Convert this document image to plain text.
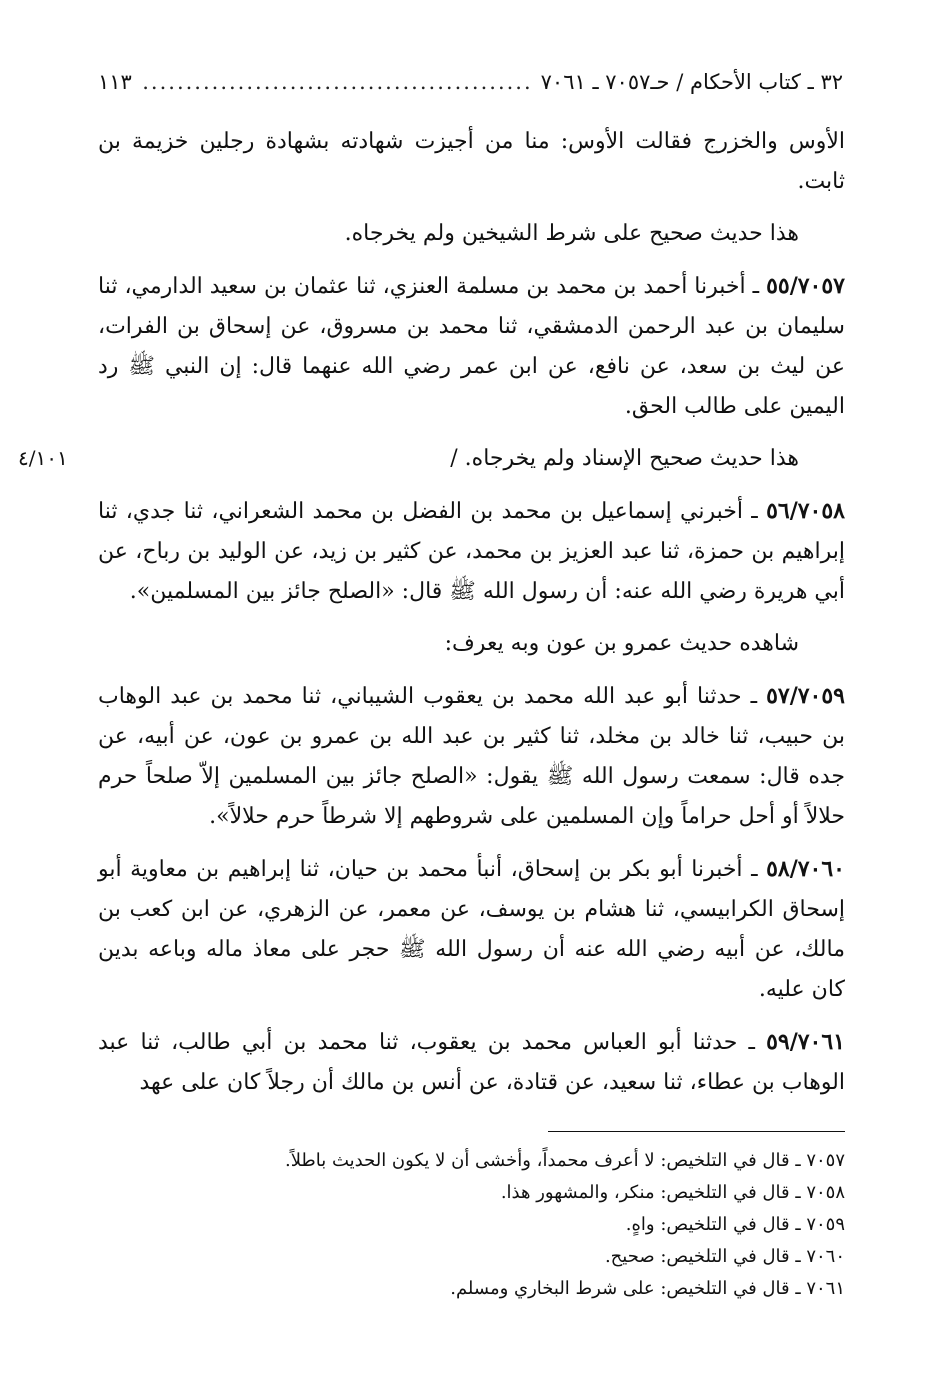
٣٢ ـ كتاب الأحكام / حـ٧٠٥٧ ـ ٧٠٦١
.....
١١٣
٤/١٠١

الأوس والخزرج فقالت الأوس: منا من أجيزت شهادته بشهادة رجلين خزيمة بن ثابت.

هذا حديث صحيح على شرط الشيخين ولم يخرجاه.

٥٥/٧٠٥٧ ـ أخبرنا أحمد بن محمد بن مسلمة العنزي، ثنا عثمان بن سعيد الدارمي، ثنا سليمان بن عبد الرحمن الدمشقي، ثنا محمد بن مسروق، عن إسحاق بن الفرات، عن ليث بن سعد، عن نافع، عن ابن عمر رضي الله عنهما قال: إن النبي ﷺ رد اليمين على طالب الحق.

هذا حديث صحيح الإسناد ولم يخرجاه. /

٥٦/٧٠٥٨ ـ أخبرني إسماعيل بن محمد بن الفضل بن محمد الشعراني، ثنا جدي، ثنا إبراهيم بن حمزة، ثنا عبد العزيز بن محمد، عن كثير بن زيد، عن الوليد بن رباح، عن أبي هريرة رضي الله عنه: أن رسول الله ﷺ قال: «الصلح جائز بين المسلمين».

شاهده حديث عمرو بن عون وبه يعرف:

٥٧/٧٠٥٩ ـ حدثنا أبو عبد الله محمد بن يعقوب الشيباني، ثنا محمد بن عبد الوهاب بن حبيب، ثنا خالد بن مخلد، ثنا كثير بن عبد الله بن عمرو بن عون، عن أبيه، عن جده قال: سمعت رسول الله ﷺ يقول: «الصلح جائز بين المسلمين إلاّ صلحاً حرم حلالاً أو أحل حراماً وإن المسلمين على شروطهم إلا شرطاً حرم حلالاً».

٥٨/٧٠٦٠ ـ أخبرنا أبو بكر بن إسحاق، أنبأ محمد بن حيان، ثنا إبراهيم بن معاوية أبو إسحاق الكرابيسي، ثنا هشام بن يوسف، عن معمر، عن الزهري، عن ابن كعب بن مالك، عن أبيه رضي الله عنه أن رسول الله ﷺ حجر على معاذ ماله وباعه بدين كان عليه.

٥٩/٧٠٦١ ـ حدثنا أبو العباس محمد بن يعقوب، ثنا محمد بن أبي طالب، ثنا عبد الوهاب بن عطاء، ثنا سعيد، عن قتادة، عن أنس بن مالك أن رجلاً كان على عهد

٧٠٥٧ ـ قال في التلخيص: لا أعرف محمداً، وأخشى أن لا يكون الحديث باطلاً.
٧٠٥٨ ـ قال في التلخيص: منكر، والمشهور هذا.
٧٠٥٩ ـ قال في التلخيص: واهٍ.
٧٠٦٠ ـ قال في التلخيص: صحيح.
٧٠٦١ ـ قال في التلخيص: على شرط البخاري ومسلم.
